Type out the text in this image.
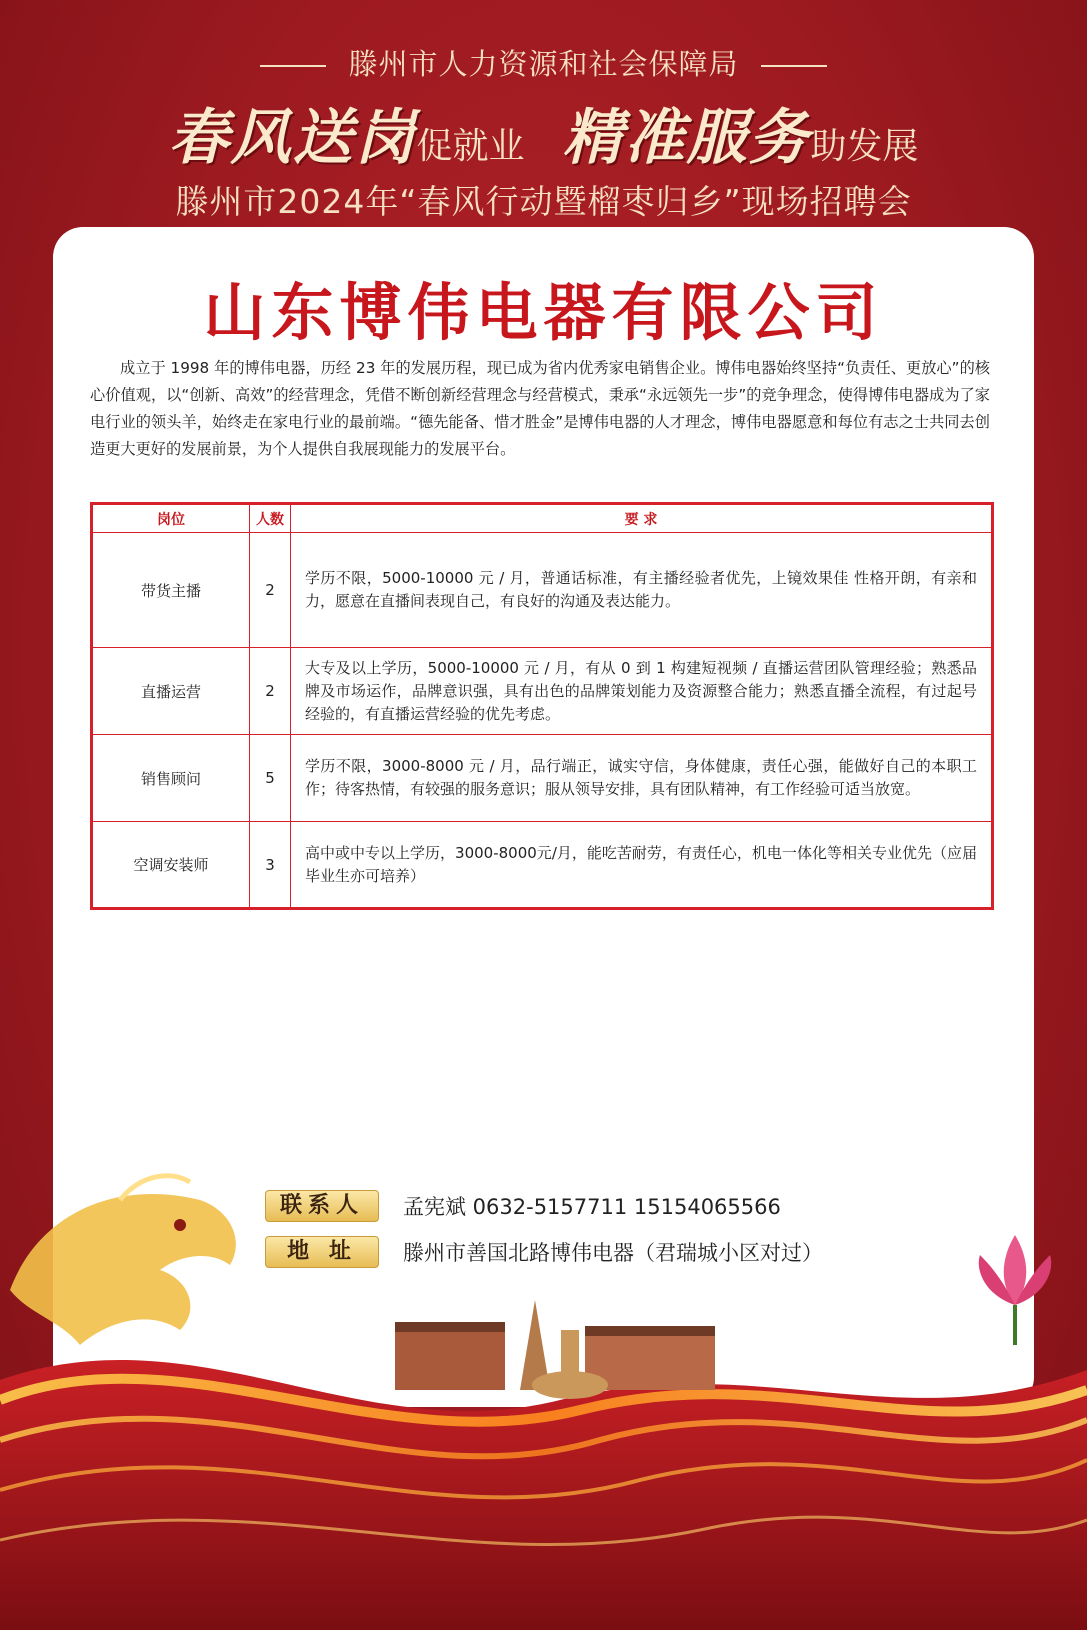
滕州市人力资源和社会保障局
春风送岗促就业 精准服务助发展
滕州市2024年“春风行动暨榴枣归乡”现场招聘会
山东博伟电器有限公司
成立于 1998 年的博伟电器，历经 23 年的发展历程，现已成为省内优秀家电销售企业。博伟电器始终坚持“负责任、更放心”的核心价值观，以“创新、高效”的经营理念，凭借不断创新经营理念与经营模式，秉承“永远领先一步”的竞争理念，使得博伟电器成为了家电行业的领头羊，始终走在家电行业的最前端。“德先能备、惜才胜金”是博伟电器的人才理念，博伟电器愿意和每位有志之士共同去创造更大更好的发展前景，为个人提供自我展现能力的发展平台。
岗位	人数	要 求
带货主播	2	学历不限，5000-10000 元 / 月，普通话标准，有主播经验者优先，上镜效果佳 性格开朗，有亲和力，愿意在直播间表现自己，有良好的沟通及表达能力。
直播运营	2	大专及以上学历，5000-10000 元 / 月，有从 0 到 1 构建短视频 / 直播运营团队管理经验；熟悉品牌及市场运作，品牌意识强，具有出色的品牌策划能力及资源整合能力；熟悉直播全流程，有过起号经验的，有直播运营经验的优先考虑。
销售顾问	5	学历不限，3000-8000 元 / 月，品行端正，诚实守信，身体健康，责任心强，能做好自己的本职工作；待客热情，有较强的服务意识；服从领导安排，具有团队精神，有工作经验可适当放宽。
空调安装师	3	高中或中专以上学历，3000-8000元/月，能吃苦耐劳，有责任心，机电一体化等相关专业优先（应届毕业生亦可培养）
联系人	孟宪斌 0632-5157711 15154065566
地 址	滕州市善国北路博伟电器（君瑞城小区对过）
